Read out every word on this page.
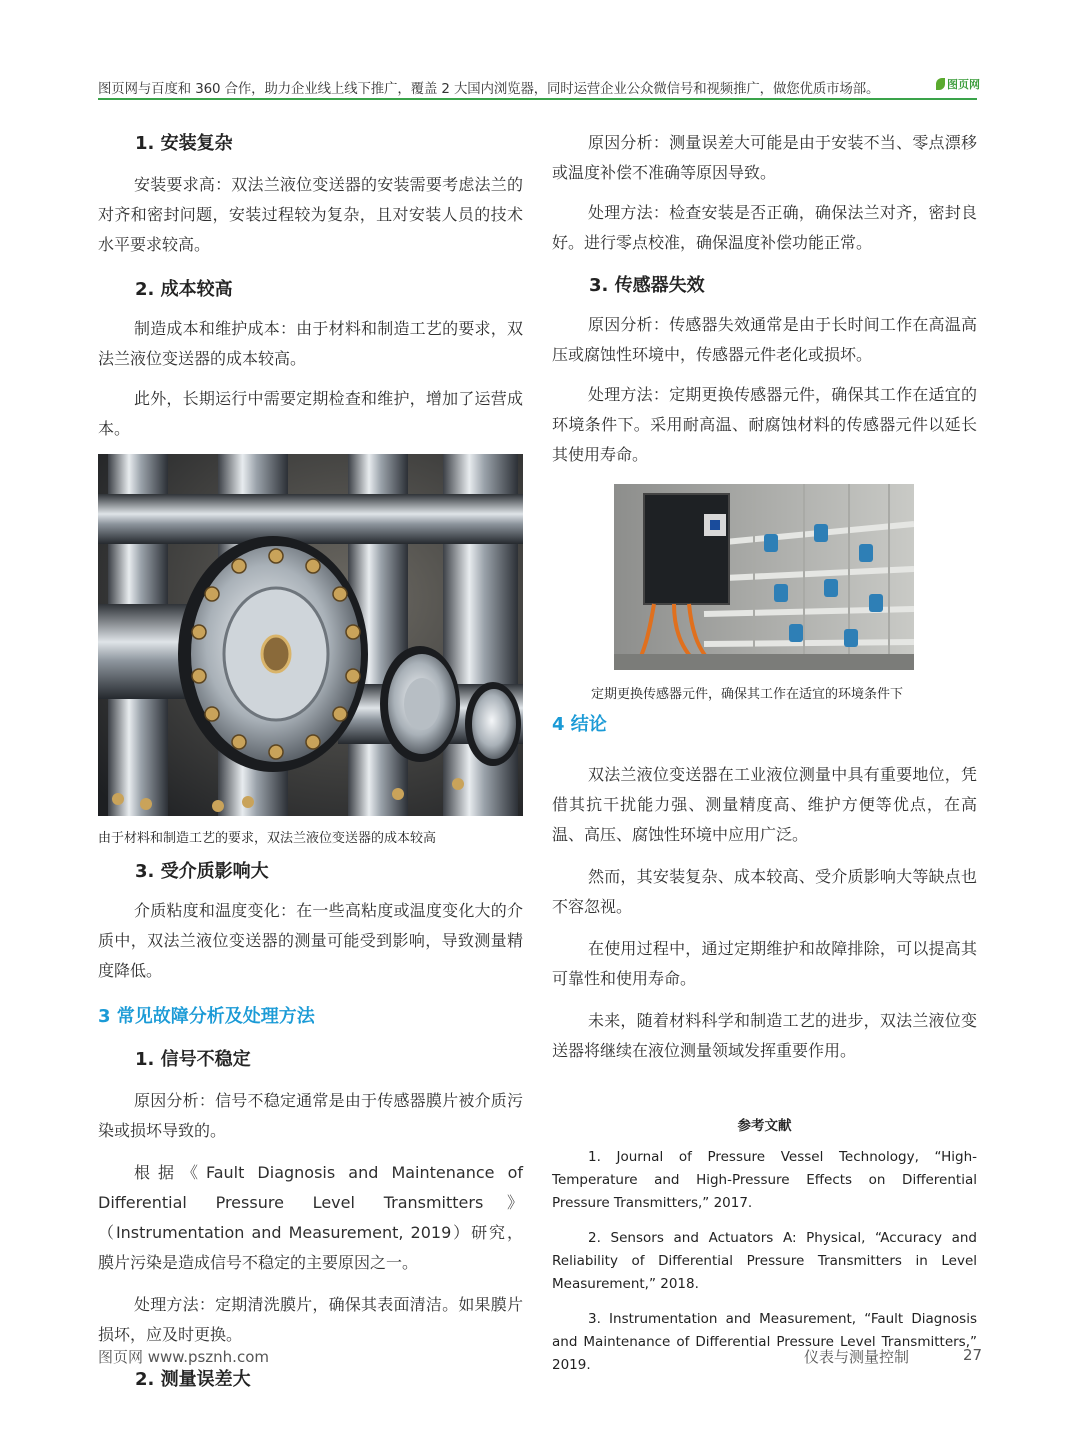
图页网与百度和 360 合作，助力企业线上线下推广，覆盖 2 大国内浏览器，同时运营企业公众微信号和视频推广，做您优质市场部。	图页网
1. 安装复杂

安装要求高：双法兰液位变送器的安装需要考虑法兰的对齐和密封问题，安装过程较为复杂，且对安装人员的技术水平要求较高。

2. 成本较高

制造成本和维护成本：由于材料和制造工艺的要求，双法兰液位变送器的成本较高。

此外，长期运行中需要定期检查和维护，增加了运营成本。

由于材料和制造工艺的要求，双法兰液位变送器的成本较高
3. 受介质影响大

介质粘度和温度变化：在一些高粘度或温度变化大的介质中，双法兰液位变送器的测量可能受到影响，导致测量精度降低。

3 常见故障分析及处理方法
1. 信号不稳定

原因分析：信号不稳定通常是由于传感器膜片被介质污染或损坏导致的。

根据《Fault Diagnosis and Maintenance of Differential Pressure Level Transmitters》（Instrumentation and Measurement, 2019）研究，膜片污染是造成信号不稳定的主要原因之一。

处理方法：定期清洗膜片，确保其表面清洁。如果膜片损坏，应及时更换。

2. 测量误差大

原因分析：测量误差大可能是由于安装不当、零点漂移或温度补偿不准确等原因导致。

处理方法：检查安装是否正确，确保法兰对齐，密封良好。进行零点校准，确保温度补偿功能正常。

3. 传感器失效

原因分析：传感器失效通常是由于长时间工作在高温高压或腐蚀性环境中，传感器元件老化或损坏。

处理方法：定期更换传感器元件，确保其工作在适宜的环境条件下。采用耐高温、耐腐蚀材料的传感器元件以延长其使用寿命。

定期更换传感器元件，确保其工作在适宜的环境条件下
4 结论

双法兰液位变送器在工业液位测量中具有重要地位，凭借其抗干扰能力强、测量精度高、维护方便等优点，在高温、高压、腐蚀性环境中应用广泛。

然而，其安装复杂、成本较高、受介质影响大等缺点也不容忽视。

在使用过程中，通过定期维护和故障排除，可以提高其可靠性和使用寿命。

未来，随着材料科学和制造工艺的进步，双法兰液位变送器将继续在液位测量领域发挥重要作用。

参考文献

1. Journal of Pressure Vessel Technology, “High-Temperature and High-Pressure Effects on Differential Pressure Transmitters,” 2017.

2. Sensors and Actuators A: Physical, “Accuracy and Reliability of Differential Pressure Transmitters in Level Measurement,” 2018.

3. Instrumentation and Measurement, “Fault Diagnosis and Maintenance of Differential Pressure Level Transmitters,” 2019.

图页网 www.psznh.com	仪表与测量控制	27
